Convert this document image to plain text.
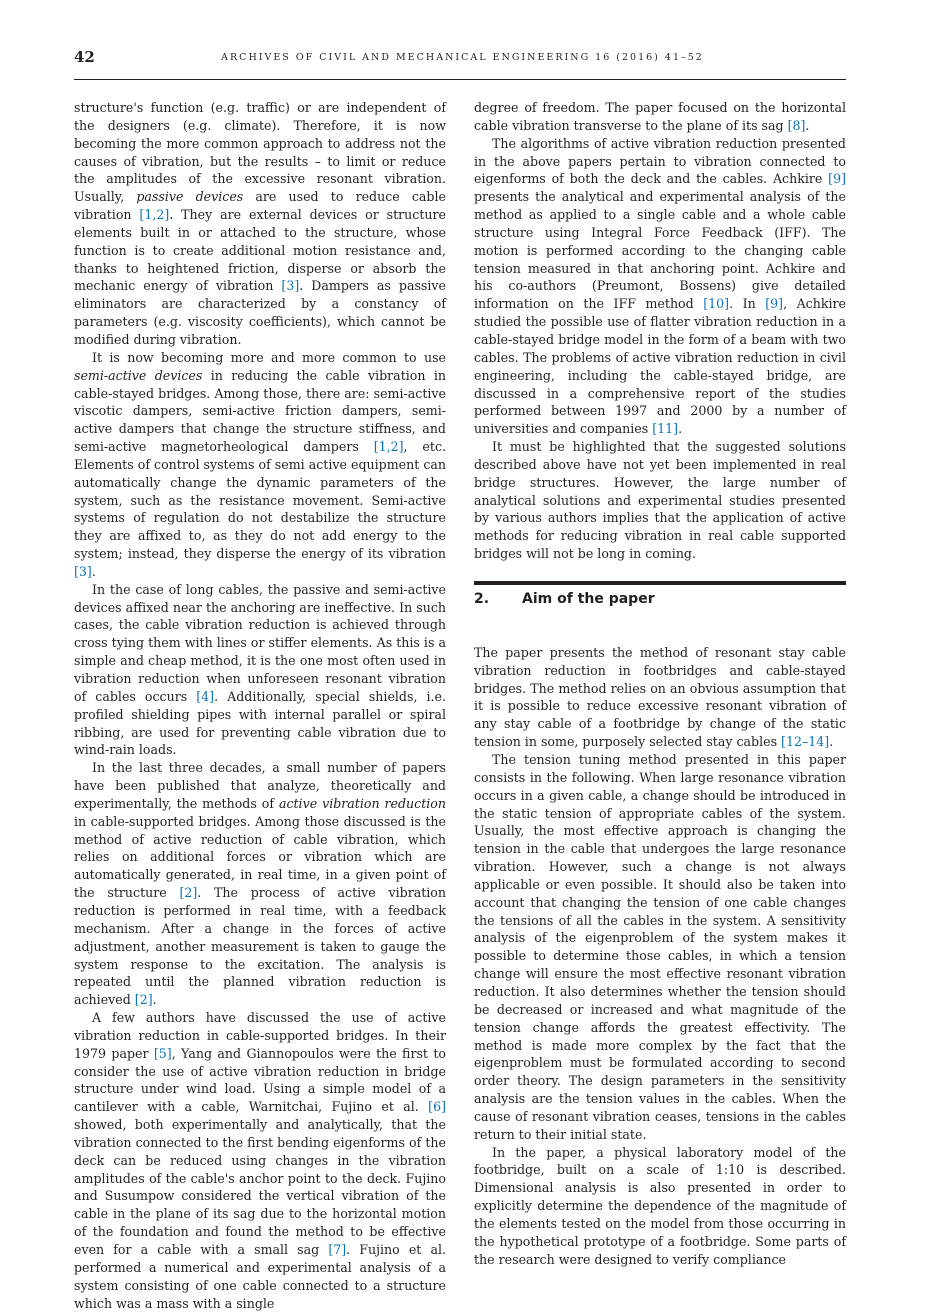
42	ARCHIVES OF CIVIL AND MECHANICAL ENGINEERING 16 (2016) 41–52

structure's function (e.g. traffic) or are independent of the designers (e.g. climate). Therefore, it is now becoming the more common approach to address not the causes of vibration, but the results – to limit or reduce the amplitudes of the excessive resonant vibration. Usually, passive devices are used to reduce cable vibration [1,2]. They are external devices or structure elements built in or attached to the structure, whose function is to create additional motion resistance and, thanks to heightened friction, disperse or absorb the mechanic energy of vibration [3]. Dampers as passive eliminators are characterized by a constancy of parameters (e.g. viscosity coefficients), which cannot be modified during vibration.

It is now becoming more and more common to use semi-active devices in reducing the cable vibration in cable-stayed bridges. Among those, there are: semi-active viscotic dampers, semi-active friction dampers, semi-active dampers that change the structure stiffness, and semi-active magnetorheological dampers [1,2], etc. Elements of control systems of semi active equipment can automatically change the dynamic parameters of the system, such as the resistance movement. Semi-active systems of regulation do not destabilize the structure they are affixed to, as they do not add energy to the system; instead, they disperse the energy of its vibration [3].

In the case of long cables, the passive and semi-active devices affixed near the anchoring are ineffective. In such cases, the cable vibration reduction is achieved through cross tying them with lines or stiffer elements. As this is a simple and cheap method, it is the one most often used in vibration reduction when unforeseen resonant vibration of cables occurs [4]. Additionally, special shields, i.e. profiled shielding pipes with internal parallel or spiral ribbing, are used for preventing cable vibration due to wind-rain loads.

In the last three decades, a small number of papers have been published that analyze, theoretically and experimentally, the methods of active vibration reduction in cable-supported bridges. Among those discussed is the method of active reduction of cable vibration, which relies on additional forces or vibration which are automatically generated, in real time, in a given point of the structure [2]. The process of active vibration reduction is performed in real time, with a feedback mechanism. After a change in the forces of active adjustment, another measurement is taken to gauge the system response to the excitation. The analysis is repeated until the planned vibration reduction is achieved [2].

A few authors have discussed the use of active vibration reduction in cable-supported bridges. In their 1979 paper [5], Yang and Giannopoulos were the first to consider the use of active vibration reduction in bridge structure under wind load. Using a simple model of a cantilever with a cable, Warnitchai, Fujino et al. [6] showed, both experimentally and analytically, that the vibration connected to the first bending eigenforms of the deck can be reduced using changes in the vibration amplitudes of the cable's anchor point to the deck. Fujino and Susumpow considered the vertical vibration of the cable in the plane of its sag due to the horizontal motion of the foundation and found the method to be effective even for a cable with a small sag [7]. Fujino et al. performed a numerical and experimental analysis of a system consisting of one cable connected to a structure which was a mass with a single

degree of freedom. The paper focused on the horizontal cable vibration transverse to the plane of its sag [8].

The algorithms of active vibration reduction presented in the above papers pertain to vibration connected to eigenforms of both the deck and the cables. Achkire [9] presents the analytical and experimental analysis of the method as applied to a single cable and a whole cable structure using Integral Force Feedback (IFF). The motion is performed according to the changing cable tension measured in that anchoring point. Achkire and his co-authors (Preumont, Bossens) give detailed information on the IFF method [10]. In [9], Achkire studied the possible use of flatter vibration reduction in a cable-stayed bridge model in the form of a beam with two cables. The problems of active vibration reduction in civil engineering, including the cable-stayed bridge, are discussed in a comprehensive report of the studies performed between 1997 and 2000 by a number of universities and companies [11].

It must be highlighted that the suggested solutions described above have not yet been implemented in real bridge structures. However, the large number of analytical solutions and experimental studies presented by various authors implies that the application of active methods for reducing vibration in real cable supported bridges will not be long in coming.

2. Aim of the paper

The paper presents the method of resonant stay cable vibration reduction in footbridges and cable-stayed bridges. The method relies on an obvious assumption that it is possible to reduce excessive resonant vibration of any stay cable of a footbridge by change of the static tension in some, purposely selected stay cables [12–14].

The tension tuning method presented in this paper consists in the following. When large resonance vibration occurs in a given cable, a change should be introduced in the static tension of appropriate cables of the system. Usually, the most effective approach is changing the tension in the cable that undergoes the large resonance vibration. However, such a change is not always applicable or even possible. It should also be taken into account that changing the tension of one cable changes the tensions of all the cables in the system. A sensitivity analysis of the eigenproblem of the system makes it possible to determine those cables, in which a tension change will ensure the most effective resonant vibration reduction. It also determines whether the tension should be decreased or increased and what magnitude of the tension change affords the greatest effectivity. The method is made more complex by the fact that the eigenproblem must be formulated according to second order theory. The design parameters in the sensitivity analysis are the tension values in the cables. When the cause of resonant vibration ceases, tensions in the cables return to their initial state.

In the paper, a physical laboratory model of the footbridge, built on a scale of 1:10 is described. Dimensional analysis is also presented in order to explicitly determine the dependence of the magnitude of the elements tested on the model from those occurring in the hypothetical prototype of a footbridge. Some parts of the research were designed to verify compliance
